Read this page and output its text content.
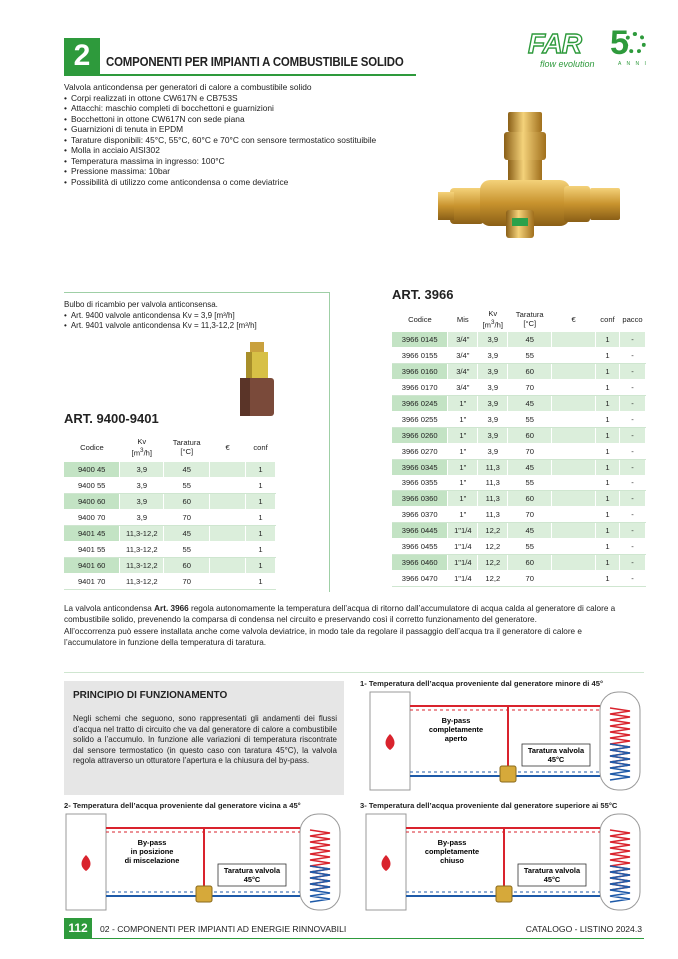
2	COMPONENTI PER IMPIANTI A COMBUSTIBILE SOLIDO
FAR 5
flow evolution	A N N I
Valvola anticondensa per generatori di calore a combustibile solido
• Corpi realizzati in ottone CW617N e CB753S
• Attacchi: maschio completi di bocchettoni e guarnizioni
• Bocchettoni in ottone CW617N con sede piana
• Guarnizioni di tenuta in EPDM
• Tarature disponibili: 45°C, 55°C, 60°C e 70°C con sensore termostatico sostituibile
• Molla in acciaio AISI302
• Temperatura massima in ingresso: 100°C
• Pressione massima: 10bar
• Possibilità di utilizzo come anticondensa o come deviatrice
Bulbo di ricambio per valvola anticonsensa.
• Art. 9400 valvole anticondensa Kv = 3,9 [m³/h]
• Art. 9401 valvole anticondensa Kv = 11,3-12,2 [m³/h]
ART. 9400-9401
Codice	Kv
$[m^3/h]$	Taratura
[°C]	€	conf
9400 45	3,9	45		1
9400 55	3,9	55		1
9400 60	3,9	60		1
9400 70	3,9	70		1
9401 45	11,3-12,2	45		1
9401 55	11,3-12,2	55		1
9401 60	11,3-12,2	60		1
9401 70	11,3-12,2	70		1
ART. 3966
Codice	Mis	Kv
$[m^3/h]$	Taratura
[°C]	€	conf	pacco
3966 0145	3/4"	3,9	45		1	-
3966 0155	3/4"	3,9	55		1	-
3966 0160	3/4"	3,9	60		1	-
3966 0170	3/4"	3,9	70		1	-
3966 0245	1"	3,9	45		1	-
3966 0255	1"	3,9	55		1	-
3966 0260	1"	3,9	60		1	-
3966 0270	1"	3,9	70		1	-
3966 0345	1"	11,3	45		1	-
3966 0355	1"	11,3	55		1	-
3966 0360	1"	11,3	60		1	-
3966 0370	1"	11,3	70		1	-
3966 0445	1"1/4	12,2	45		1	-
3966 0455	1"1/4	12,2	55		1	-
3966 0460	1"1/4	12,2	60		1	-
3966 0470	1"1/4	12,2	70		1	-

La valvola anticondensa Art. 3966 regola autonomamente la temperatura dell’acqua di ritorno dall’accumulatore di acqua calda al generatore di calore a combustibile solido, prevenendo la comparsa di condensa nel circuito e preservando così il corretto funzionamento del generatore.

All’occorrenza può essere installata anche come valvola deviatrice, in modo tale da regolare il passaggio dell’acqua tra il generatore di calore e l’accumulatore in funzione della temperatura di taratura.

PRINCIPIO DI FUNZIONAMENTO
Negli schemi che seguono, sono rappresentati gli andamenti dei flussi d’acqua nel tratto di circuito che va dal generatore di calore a combustibile solido a l’accumulo. In funzione alle variazioni di temperatura riscontrate dal sensore termostatico (in questo caso con taratura 45°C), la valvola regola attraverso un otturatore l’apertura e la chiusura del by-pass.
1- Temperatura dell’acqua proveniente dal generatore minore di 45°
2- Temperatura dell’acqua proveniente dal generatore vicina a 45°	3- Temperatura dell’acqua proveniente dal generatore superiore ai 55°C
By-pass
completamente
aperto
Taratura valvola
45°C
By-pass
in posizione
di miscelazione
Taratura valvola
45°C
By-pass
completamente
chiuso
Taratura valvola
45°C
112	02 - COMPONENTI PER IMPIANTI AD ENERGIE RINNOVABILI	CATALOGO - LISTINO 2024.3
